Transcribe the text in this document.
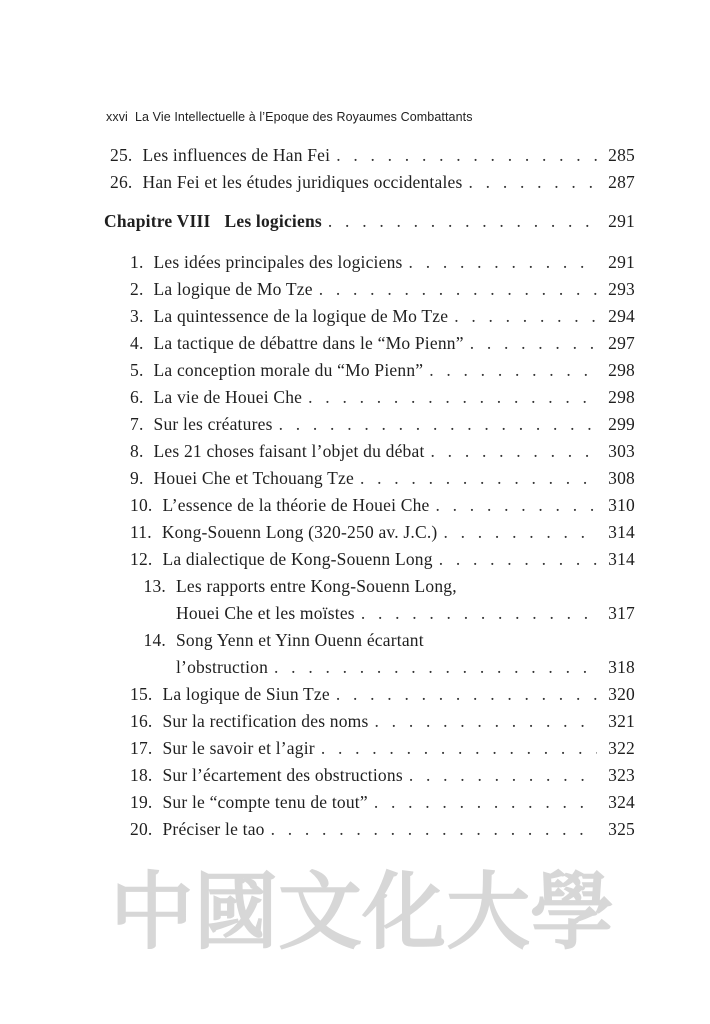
xxvi La Vie Intellectuelle à l’Epoque des Royaumes Combattants
25. Les influences de Han Fei . . .	285
26. Han Fei et les études juridiques occidentales . . .	287
Chapitre VIII Les logiciens . . .	291
1. Les idées principales des logiciens . . .	291
2. La logique de Mo Tze . . .	293
3. La quintessence de la logique de Mo Tze . . .	294
4. La tactique de débattre dans le “Mo Pienn” . . .	297
5. La conception morale du “Mo Pienn” . . .	298
6. La vie de Houei Che . . .	298
7. Sur les créatures . . .	299
8. Les 21 choses faisant l’objet du débat . . .	303
9. Houei Che et Tchouang Tze . . .	308
10. L’essence de la théorie de Houei Che . . .	310
11. Kong-Souenn Long (320-250 av. J.C.) . . .	314
12. La dialectique de Kong-Souenn Long . . .	314
13. Les rapports entre Kong-Souenn Long,
Houei Che et les moïstes . . .	317
14. Song Yenn et Yinn Ouenn écartant
l’obstruction . . .	318
15. La logique de Siun Tze . . .	320
16. Sur la rectification des noms . . .	321
17. Sur le savoir et l’agir . . .	322
18. Sur l’écartement des obstructions . . .	323
19. Sur le “compte tenu de tout” . . .	324
20. Préciser le tao . . .	325
中 國 文 化 大 學
